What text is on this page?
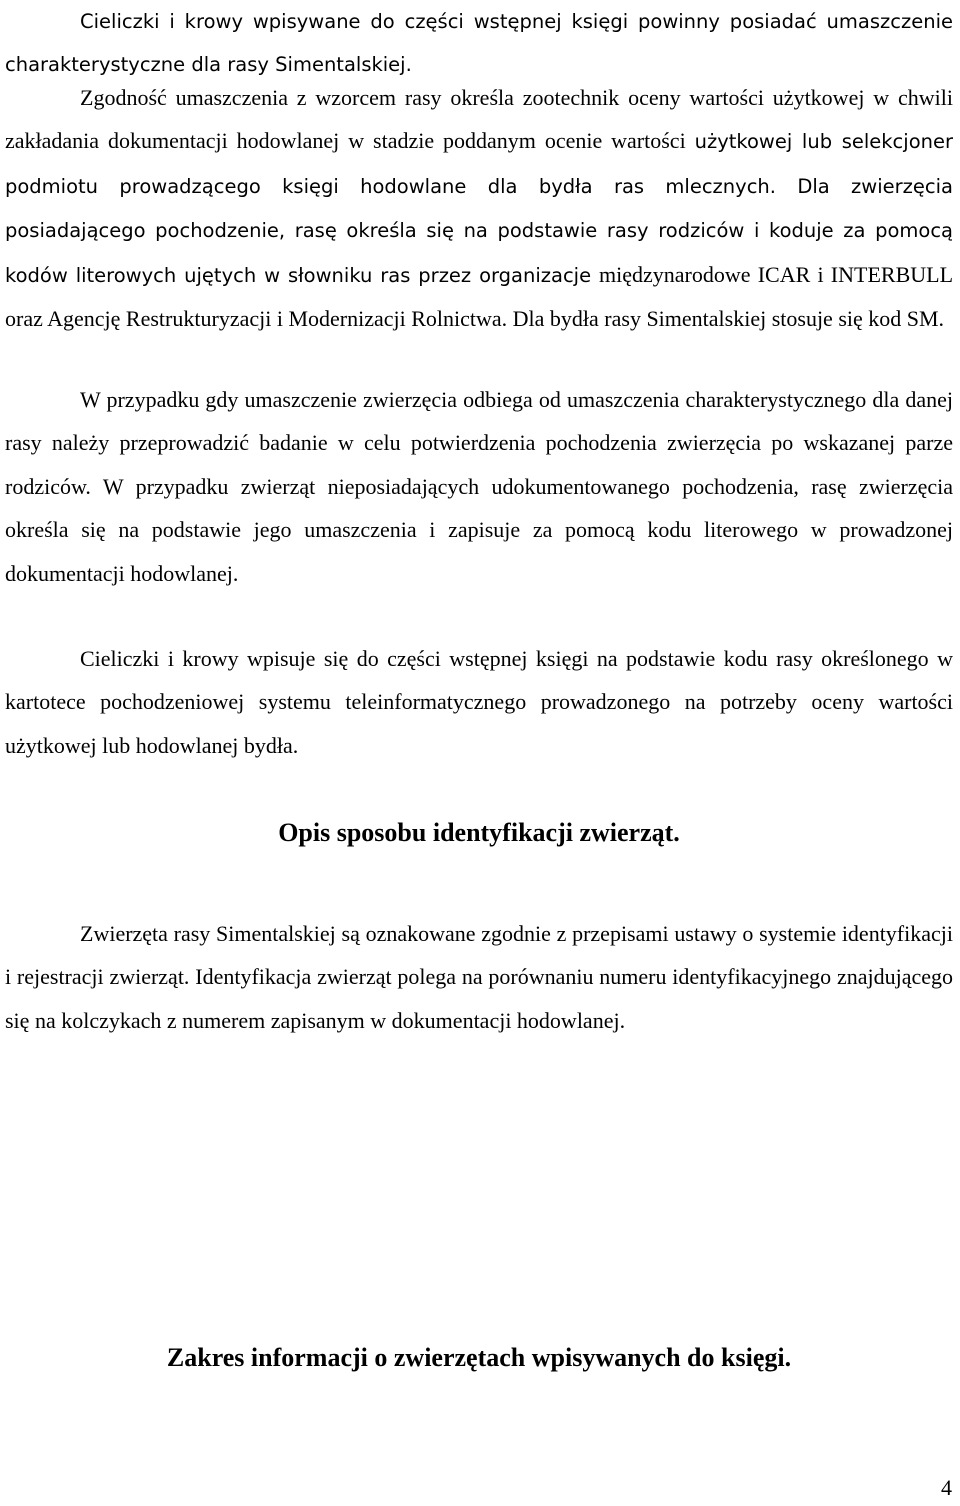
Cieliczki i krowy wpisywane do części wstępnej księgi powinny posiadać umaszczenie charakterystyczne dla rasy Simentalskiej.

Zgodność umaszczenia z wzorcem rasy określa zootechnik oceny wartości użytkowej w chwili zakładania dokumentacji hodowlanej w stadzie poddanym ocenie wartości użytkowej lub selekcjoner podmiotu prowadzącego księgi hodowlane dla bydła ras mlecznych. Dla zwierzęcia posiadającego pochodzenie, rasę określa się na podstawie rasy rodziców i koduje za pomocą kodów literowych ujętych w słowniku ras przez organizacje międzynarodowe ICAR i INTERBULL oraz Agencję Restrukturyzacji i Modernizacji Rolnictwa. Dla bydła rasy Simentalskiej stosuje się kod SM.

W przypadku gdy umaszczenie zwierzęcia odbiega od umaszczenia charakterystycznego dla danej rasy należy przeprowadzić badanie w celu potwierdzenia pochodzenia zwierzęcia po wskazanej parze rodziców. W przypadku zwierząt nieposiadających udokumentowanego pochodzenia, rasę zwierzęcia określa się na podstawie jego umaszczenia i zapisuje za pomocą kodu literowego w prowadzonej dokumentacji hodowlanej.

Cieliczki i krowy wpisuje się do części wstępnej księgi na podstawie kodu rasy określonego w kartotece pochodzeniowej systemu teleinformatycznego prowadzonego na potrzeby oceny wartości użytkowej lub hodowlanej bydła.

Opis sposobu identyfikacji zwierząt.

Zwierzęta rasy Simentalskiej są oznakowane zgodnie z przepisami ustawy o systemie identyfikacji i rejestracji zwierząt. Identyfikacja zwierząt polega na porównaniu numeru identyfikacyjnego znajdującego się na kolczykach z numerem zapisanym w dokumentacji hodowlanej.

Zakres informacji o zwierzętach wpisywanych do księgi.
4
